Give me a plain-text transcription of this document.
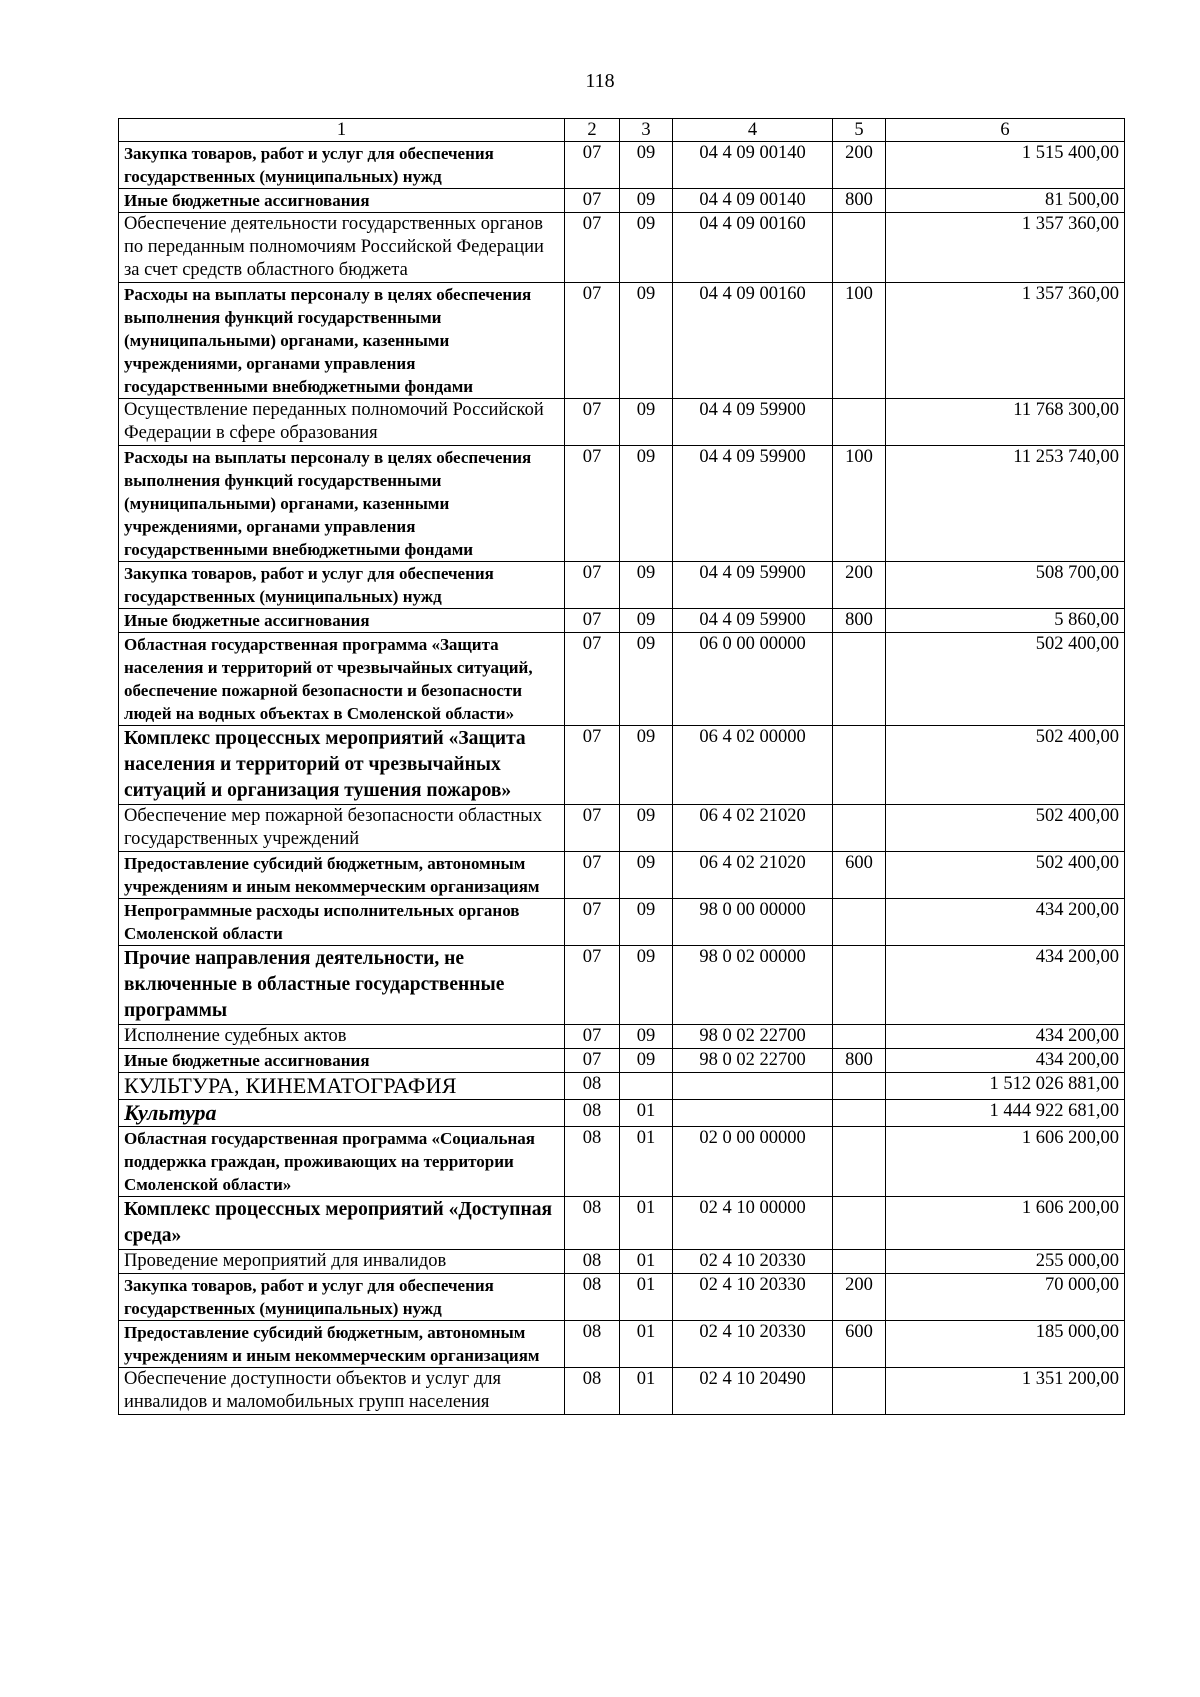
118
1	2	3	4	5	6
Закупка товаров, работ и услуг для обеспечения государственных (муниципальных) нужд	07	09	04 4 09 00140	200	1 515 400,00
Иные бюджетные ассигнования	07	09	04 4 09 00140	800	81 500,00
Обеспечение деятельности государственных органов по переданным полномочиям Российской Федерации за счет средств областного бюджета	07	09	04 4 09 00160		1 357 360,00
Расходы на выплаты персоналу в целях обеспечения выполнения функций государственными (муниципальными) органами, казенными учреждениями, органами управления государственными внебюджетными фондами	07	09	04 4 09 00160	100	1 357 360,00
Осуществление переданных полномочий Российской Федерации в сфере образования	07	09	04 4 09 59900		11 768 300,00
Расходы на выплаты персоналу в целях обеспечения выполнения функций государственными (муниципальными) органами, казенными учреждениями, органами управления государственными внебюджетными фондами	07	09	04 4 09 59900	100	11 253 740,00
Закупка товаров, работ и услуг для обеспечения государственных (муниципальных) нужд	07	09	04 4 09 59900	200	508 700,00
Иные бюджетные ассигнования	07	09	04 4 09 59900	800	5 860,00
Областная государственная программа «Защита населения и территорий от чрезвычайных ситуаций, обеспечение пожарной безопасности и безопасности людей на водных объектах в Смоленской области»	07	09	06 0 00 00000		502 400,00
Комплекс процессных мероприятий «Защита населения и территорий от чрезвычайных ситуаций и организация тушения пожаров»	07	09	06 4 02 00000		502 400,00
Обеспечение мер пожарной безопасности областных государственных учреждений	07	09	06 4 02 21020		502 400,00
Предоставление субсидий бюджетным, автономным учреждениям и иным некоммерческим организациям	07	09	06 4 02 21020	600	502 400,00
Непрограммные расходы исполнительных органов Смоленской области	07	09	98 0 00 00000		434 200,00
Прочие направления деятельности, не включенные в областные государственные программы	07	09	98 0 02 00000		434 200,00
Исполнение судебных актов	07	09	98 0 02 22700		434 200,00
Иные бюджетные ассигнования	07	09	98 0 02 22700	800	434 200,00
КУЛЬТУРА, КИНЕМАТОГРАФИЯ	08				1 512 026 881,00
Культура	08	01			1 444 922 681,00
Областная государственная программа «Социальная поддержка граждан, проживающих на территории Смоленской области»	08	01	02 0 00 00000		1 606 200,00
Комплекс процессных мероприятий «Доступная среда»	08	01	02 4 10 00000		1 606 200,00
Проведение мероприятий для инвалидов	08	01	02 4 10 20330		255 000,00
Закупка товаров, работ и услуг для обеспечения государственных (муниципальных) нужд	08	01	02 4 10 20330	200	70 000,00
Предоставление субсидий бюджетным, автономным учреждениям и иным некоммерческим организациям	08	01	02 4 10 20330	600	185 000,00
Обеспечение доступности объектов и услуг для инвалидов и маломобильных групп населения	08	01	02 4 10 20490		1 351 200,00
